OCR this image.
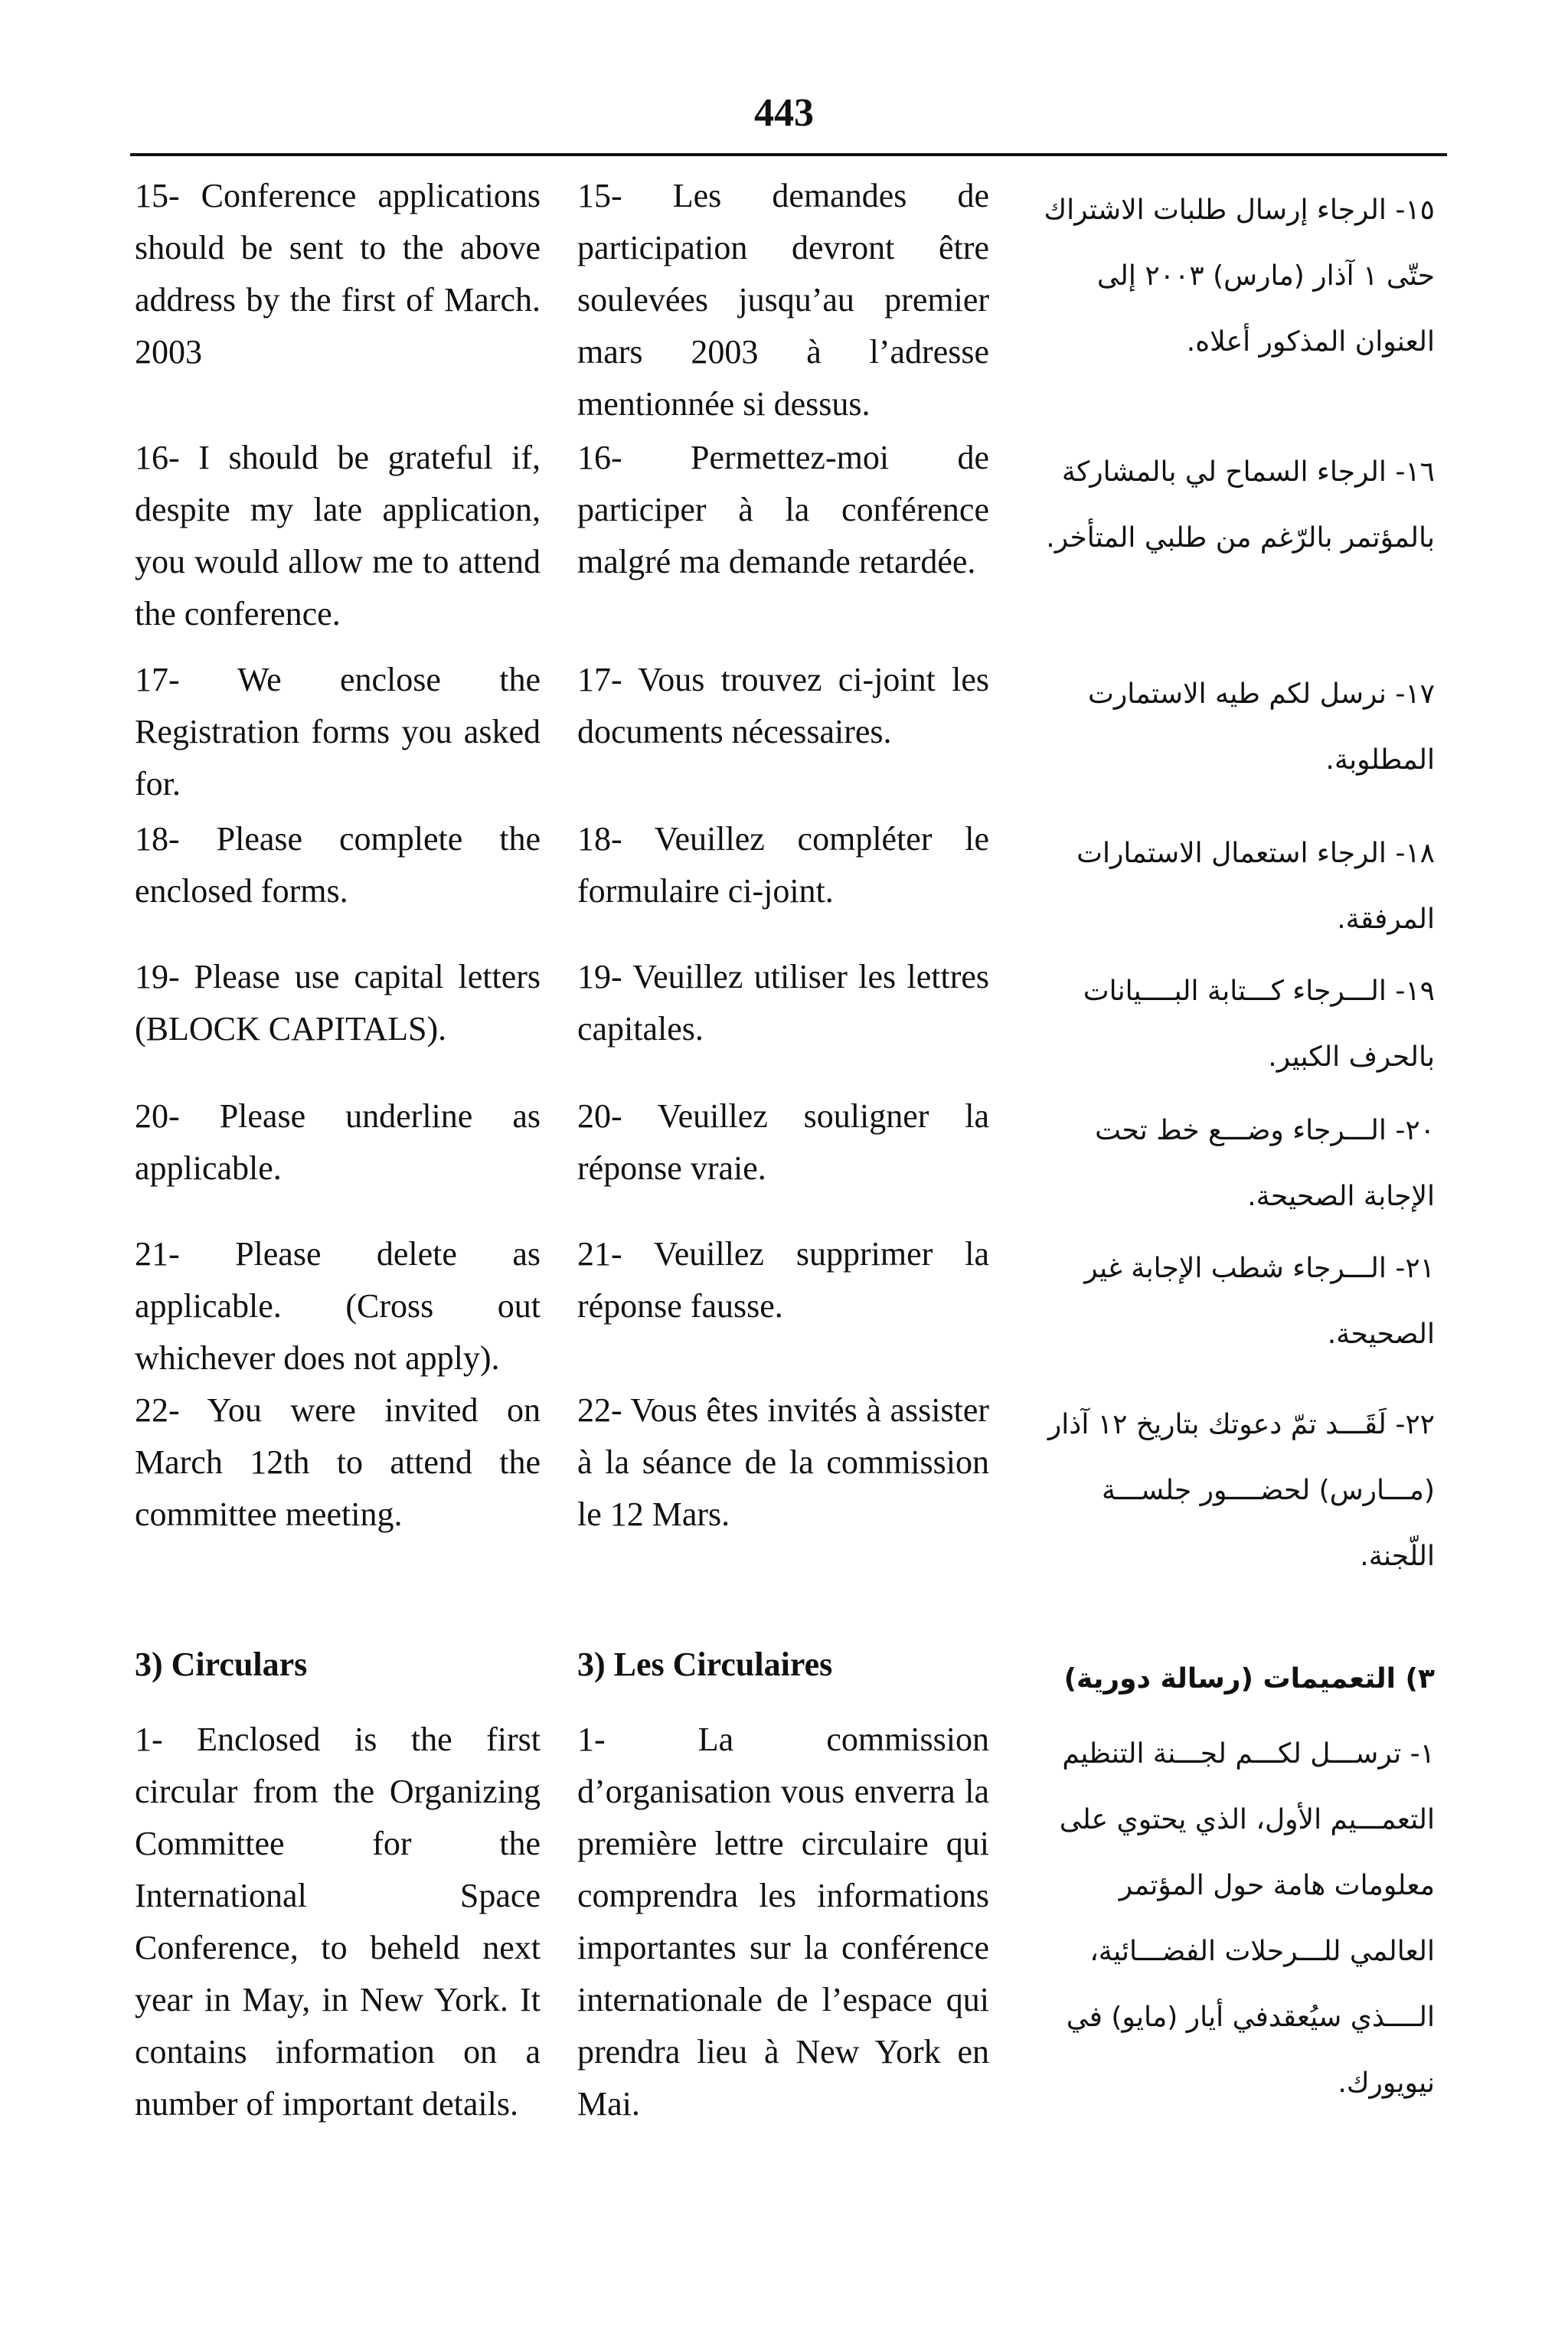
443
15- Conference applications should be sent to the above address by the first of March. 2003
15- Les demandes de participation devront être soulevées jusqu’au premier mars 2003 à l’adresse mentionnée si dessus.
١٥- الرجاء إرسال طلبات الاشتراك حتّى ١ آذار (مارس) ٢٠٠٣ إلى العنوان المذكور أعلاه.
16- I should be grateful if, despite my late application, you would allow me to attend the conference.
16- Permettez-moi de participer à la conférence malgré ma demande retardée.
١٦- الرجاء السماح لي بالمشاركة بالمؤتمر بالرّغم من طلبي المتأخر.
17- We enclose the Registration forms you asked for.
17- Vous trouvez ci-joint les documents nécessaires.
١٧- نرسل لكم طيه الاستمارت المطلوبة.
18- Please complete the enclosed forms.
18- Veuillez compléter le formulaire ci-joint.
١٨- الرجاء استعمال الاستمارات المرفقة.
19- Please use capital letters (BLOCK CAPITALS).
19- Veuillez utiliser les lettres capitales.
١٩- الـــرجاء كـــتابة البــــيانات بالحرف الكبير.
20- Please underline as applicable.
20- Veuillez souligner la réponse vraie.
٢٠- الـــرجاء وضـــع خط تحت الإجابة الصحيحة.
21- Please delete as applicable. (Cross out whichever does not apply).
21- Veuillez supprimer la réponse fausse.
٢١- الـــرجاء شطب الإجابة غير الصحيحة.
22- You were invited on March 12th to attend the committee meeting.
22- Vous êtes invités à assister à la séance de la commission le 12 Mars.
٢٢- لَقَـــد تمّ دعوتك بتاريخ ١٢ آذار (مـــارس) لحضــــور جلســـة اللّجنة.
3) Circulars	3) Les Circulaires	٣) التعميمات (رسالة دورية)
1- Enclosed is the first circular from the Organizing Committee for the International Space Conference, to beheld next year in May, in New York. It contains information on a number of important details.
1- La commission d’organisation vous enverra la première lettre circulaire qui comprendra les informations importantes sur la conférence internationale de l’espace qui prendra lieu à New York en Mai.
١- ترســـل لكـــم لجـــنة التنظيم التعمـــيم الأول، الذي يحتوي على معلومات هامة حول المؤتمر العالمي للـــرحلات الفضـــائية، الــــذي سيُعقدفي أيار (مايو) في نيويورك.
